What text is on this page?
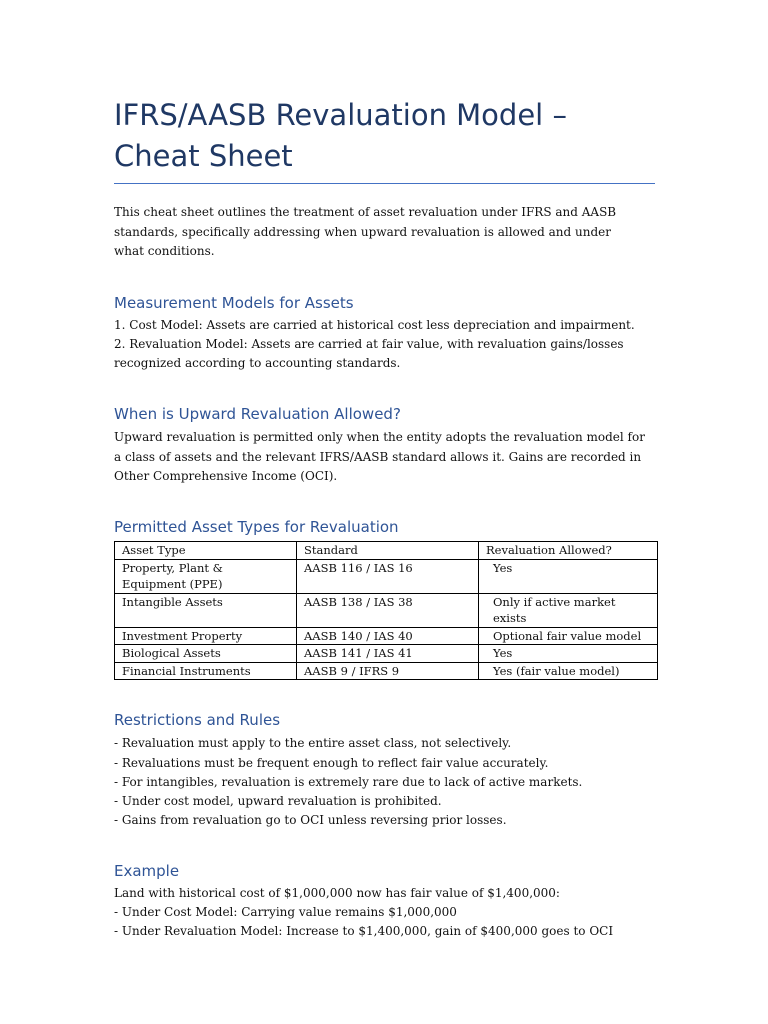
IFRS/AASB Revaluation Model – Cheat Sheet

This cheat sheet outlines the treatment of asset revaluation under IFRS and AASB standards, specifically addressing when upward revaluation is allowed and under what conditions.

Measurement Models for Assets

1. Cost Model: Assets are carried at historical cost less depreciation and impairment.

2. Revaluation Model: Assets are carried at fair value, with revaluation gains/losses recognized according to accounting standards.

When is Upward Revaluation Allowed?

Upward revaluation is permitted only when the entity adopts the revaluation model for a class of assets and the relevant IFRS/AASB standard allows it. Gains are recorded in Other Comprehensive Income (OCI).

Permitted Asset Types for Revaluation
Asset Type	Standard	Revaluation Allowed?
Property, Plant & Equipment (PPE)	AASB 116 / IAS 16	Yes
Intangible Assets	AASB 138 / IAS 38	Only if active market exists
Investment Property	AASB 140 / IAS 40	Optional fair value model
Biological Assets	AASB 141 / IAS 41	Yes
Financial Instruments	AASB 9 / IFRS 9	Yes (fair value model)
Restrictions and Rules
- Revaluation must apply to the entire asset class, not selectively.
- Revaluations must be frequent enough to reflect fair value accurately.
- For intangibles, revaluation is extremely rare due to lack of active markets.
- Under cost model, upward revaluation is prohibited.
- Gains from revaluation go to OCI unless reversing prior losses.
Example

Land with historical cost of $1,000,000 now has fair value of $1,400,000:

- Under Cost Model: Carrying value remains $1,000,000

- Under Revaluation Model: Increase to $1,400,000, gain of $400,000 goes to OCI
